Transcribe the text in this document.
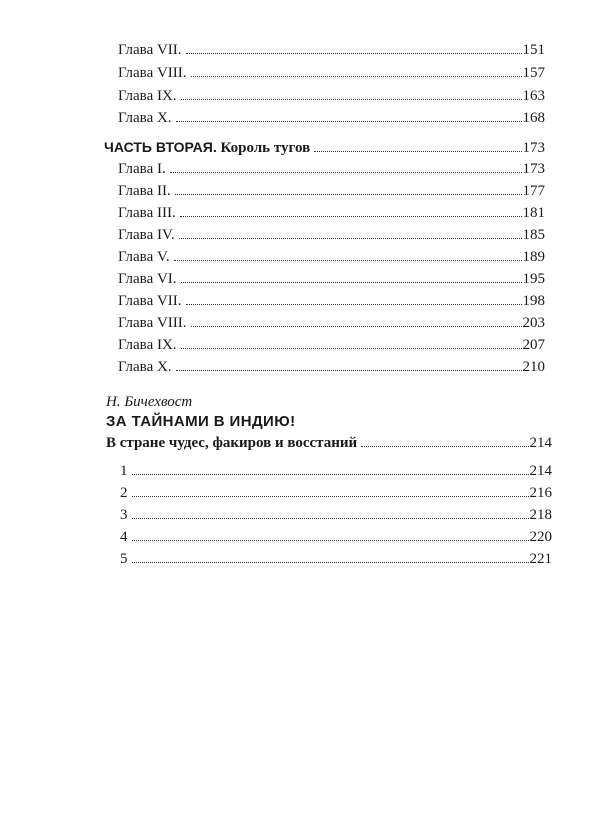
Глава VII.	151
Глава VIII.	157
Глава IX.	163
Глава X.	168
ЧАСТЬ ВТОРАЯ. Король тугов	173
Глава I.	173
Глава II.	177
Глава III.	181
Глава IV.	185
Глава V.	189
Глава VI.	195
Глава VII.	198
Глава VIII.	203
Глава IX.	207
Глава X.	210
Н. Бичехвост
ЗА ТАЙНАМИ В ИНДИЮ!
В стране чудес, факиров и восстаний	214
1	214
2	216
3	218
4	220
5	221
